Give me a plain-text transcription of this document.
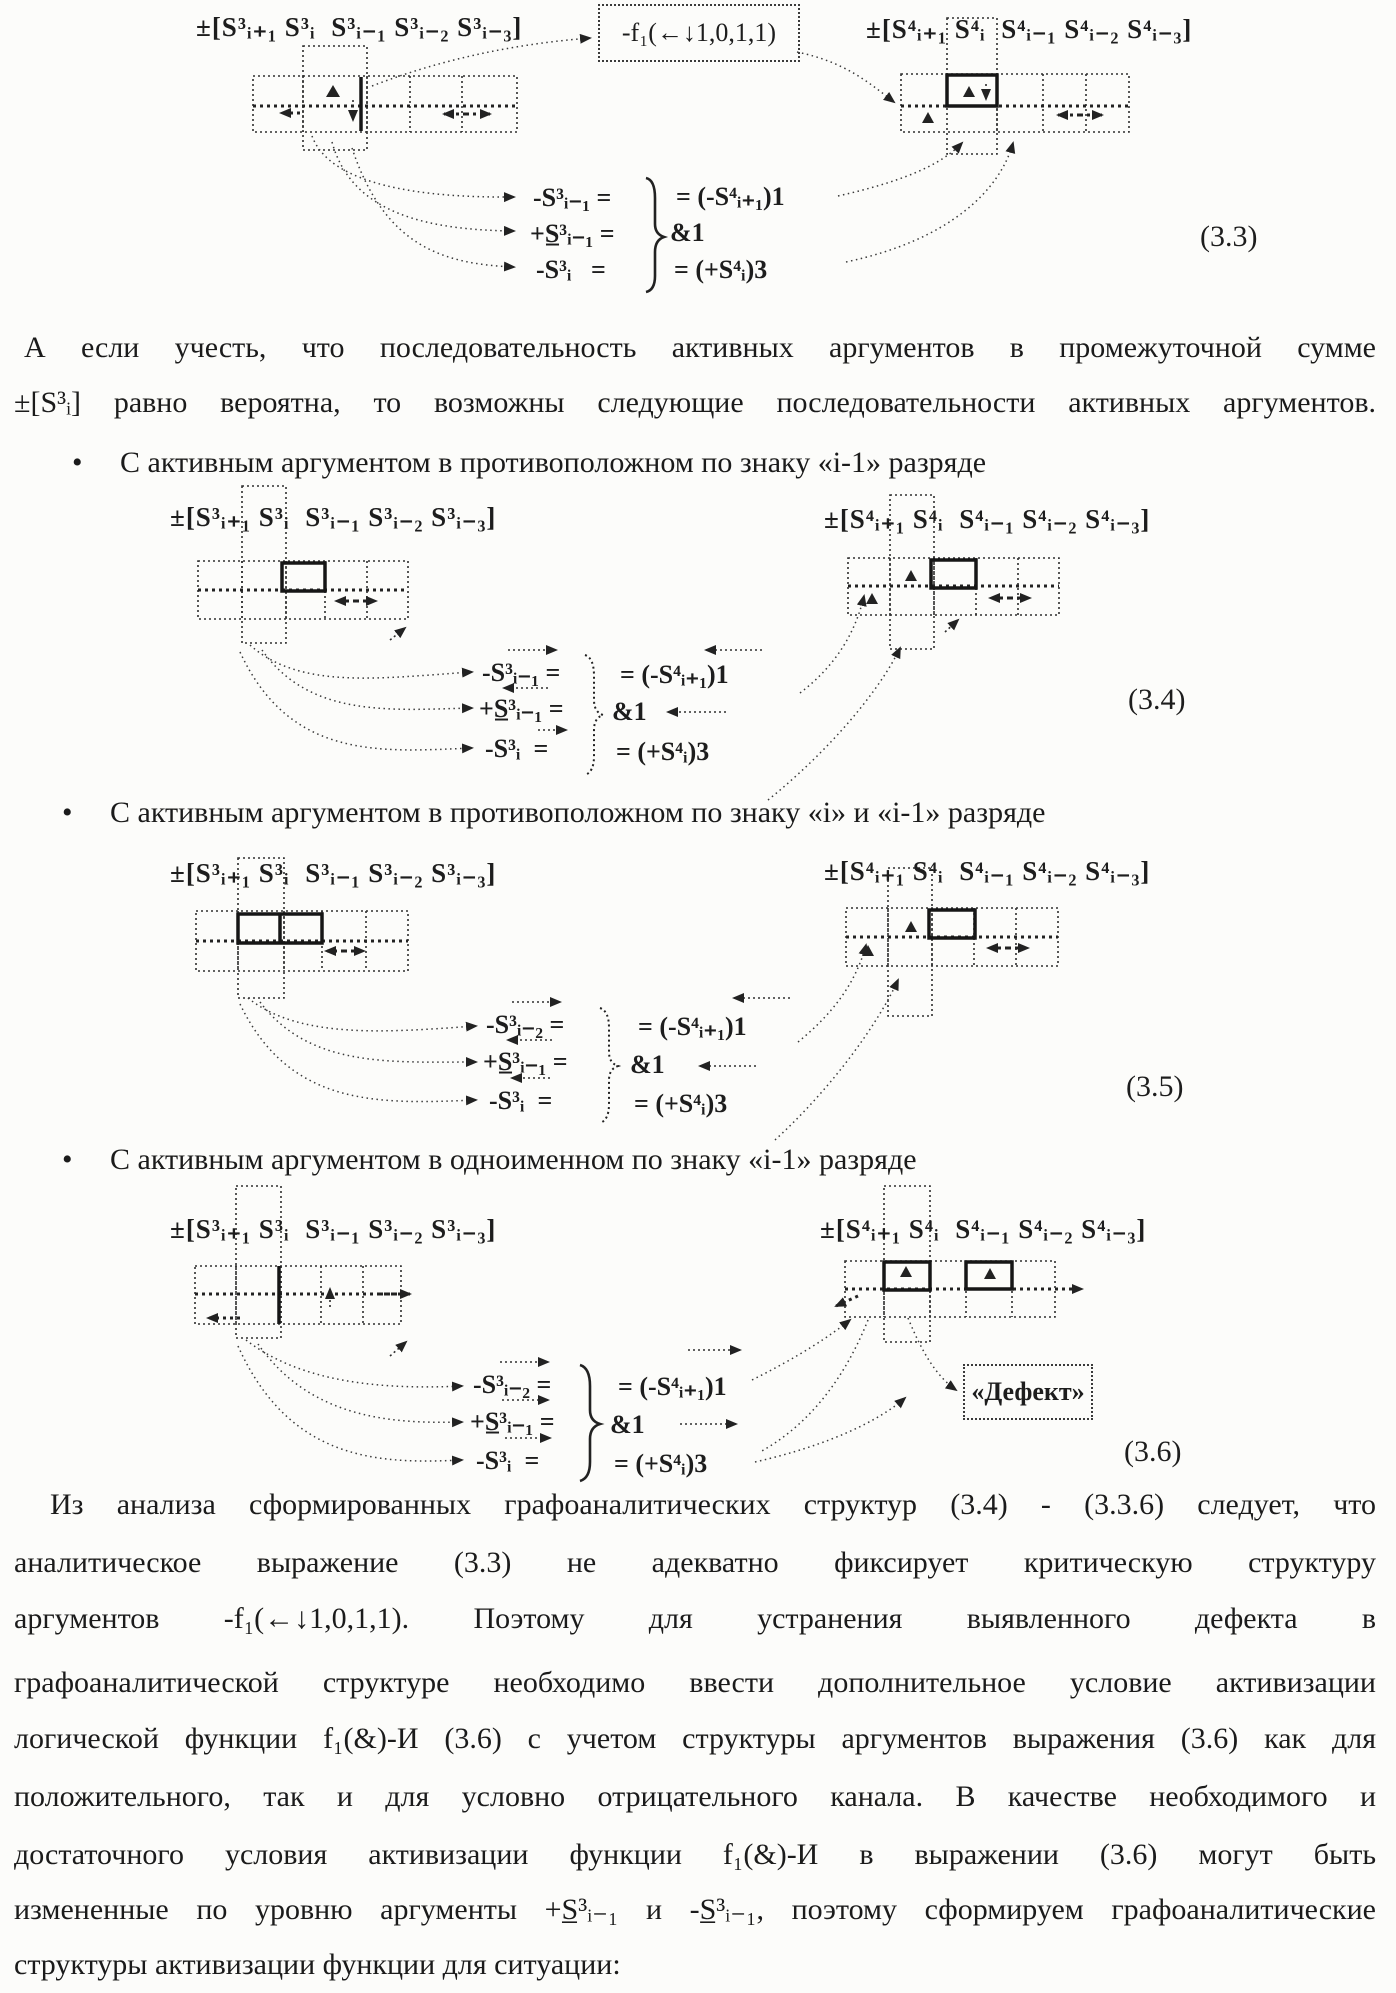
±[S³ᵢ₊₁ S³ᵢ  S³ᵢ₋₁ S³ᵢ₋₂ S³ᵢ₋₃]	-f₁(←↓1,0,1,1)	±[S⁴ᵢ₊₁ S⁴ᵢ  S⁴ᵢ₋₁ S⁴ᵢ₋₂ S⁴ᵢ₋₃]
-S³ᵢ₋₁ =
+S̲³ᵢ₋₁ =
-S³ᵢ   =
= (-S⁴ᵢ₊₁)1
&1
= (+S⁴ᵢ)3
(3.3)
А если учесть, что последовательность активных аргументов в промежуточной сумме
±[S³ᵢ] равно вероятна, то возможны следующие последовательности активных аргументов.
• С активным аргументом в противоположном по знаку «i-1» разряде
±[S³ᵢ₊₁ S³ᵢ  S³ᵢ₋₁ S³ᵢ₋₂ S³ᵢ₋₃]	±[S⁴ᵢ₊₁ S⁴ᵢ  S⁴ᵢ₋₁ S⁴ᵢ₋₂ S⁴ᵢ₋₃]
-S³ᵢ₋₁ =
+S̲³ᵢ₋₁ =
-S³ᵢ  =
= (-S⁴ᵢ₊₁)1
&1
= (+S⁴ᵢ)3
(3.4)
• С активным аргументом в противоположном по знаку «i» и «i-1» разряде
±[S³ᵢ₊₁ S³ᵢ  S³ᵢ₋₁ S³ᵢ₋₂ S³ᵢ₋₃]	±[S⁴ᵢ₊₁ S⁴ᵢ  S⁴ᵢ₋₁ S⁴ᵢ₋₂ S⁴ᵢ₋₃]
-S³ᵢ₋₂ =
+S̲³ᵢ₋₁ =
-S³ᵢ  =
= (-S⁴ᵢ₊₁)1
&1
= (+S⁴ᵢ)3
(3.5)
• С активным аргументом в одноименном по знаку «i-1» разряде
±[S³ᵢ₊₁ S³ᵢ  S³ᵢ₋₁ S³ᵢ₋₂ S³ᵢ₋₃]	±[S⁴ᵢ₊₁ S⁴ᵢ  S⁴ᵢ₋₁ S⁴ᵢ₋₂ S⁴ᵢ₋₃]
-S³ᵢ₋₂ =
+S̲³ᵢ₋₁ =
-S³ᵢ  =
= (-S⁴ᵢ₊₁)1
&1
= (+S⁴ᵢ)3
«Дефект»
(3.6)
Из анализа сформированных графоаналитических структур (3.4) - (3.3.6) следует, что
аналитическое выражение (3.3) не адекватно фиксирует критическую структуру
аргументов -f₁(←↓1,0,1,1). Поэтому для устранения выявленного дефекта в
графоаналитической структуре необходимо ввести дополнительное условие активизации
логической функции f₁(&)-И (3.6) с учетом структуры аргументов выражения (3.6) как для
положительного, так и для условно отрицательного канала. В качестве необходимого и
достаточного условия активизации функции f₁(&)-И в выражении (3.6) могут быть
измененные по уровню аргументы +S̲³ᵢ₋₁ и -S̲³ᵢ₋₁, поэтому сформируем графоаналитические
структуры активизации функции для ситуации:
